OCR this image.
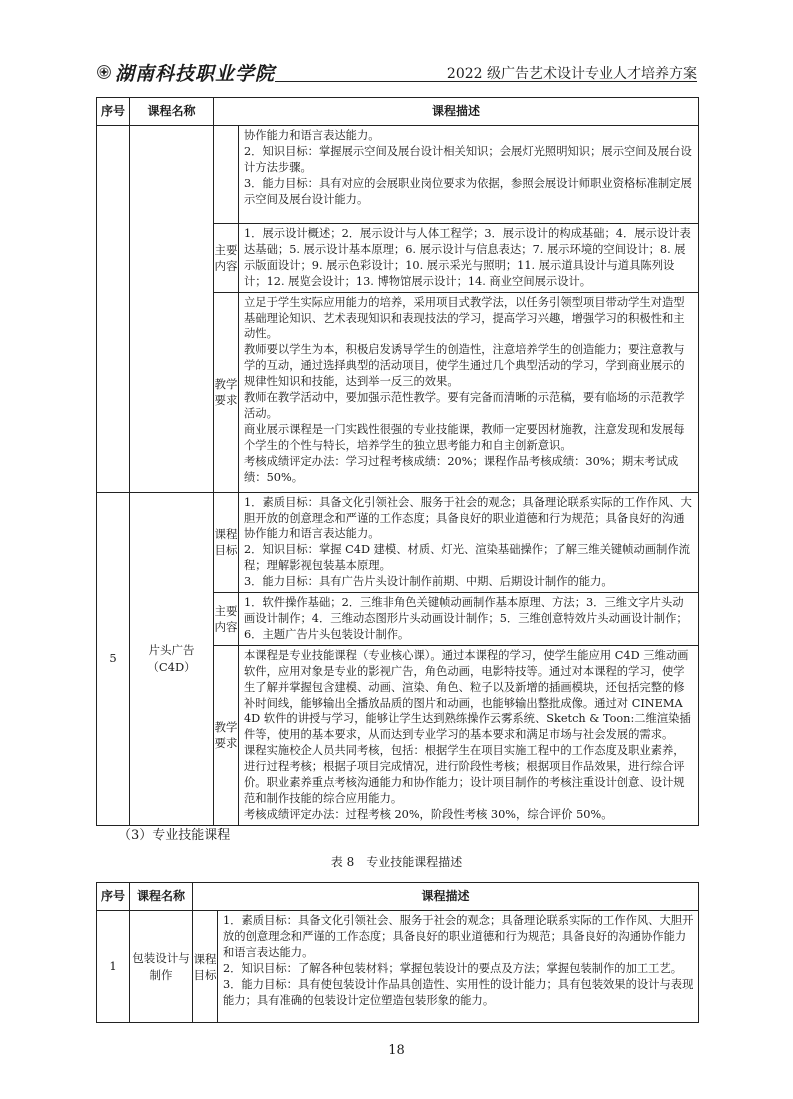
湖南科技职业学院	2022 级广告艺术设计专业人才培养方案
序号	课程名称	课程描述	

			协作能力和语言表达能力。

2．知识目标：掌握展示空间及展台设计相关知识；会展灯光照明知识；展示空间及展台设计方法步骤。

3．能力目标：具有对应的会展职业岗位要求为依据，参照会展设计师职业资格标准制定展示空间及展台设计能力。

		主要内容	1．展示设计概述；2．展示设计与人体工程学；3．展示设计的构成基础；4．展示设计表达基础；5. 展示设计基本原理；6. 展示设计与信息表达；7. 展示环境的空间设计；8. 展示版面设计；9. 展示色彩设计；10. 展示采光与照明；11. 展示道具设计与道具陈列设计；12. 展览会设计；13. 博物馆展示设计；14. 商业空间展示设计。

		教学要求	立足于学生实际应用能力的培养，采用项目式教学法，以任务引领型项目带动学生对造型基础理论知识、艺术表现知识和表现技法的学习，提高学习兴趣，增强学习的积极性和主动性。

教师要以学生为本，积极启发诱导学生的创造性，注意培养学生的创造能力；要注意教与学的互动，通过选择典型的活动项目，使学生通过几个典型活动的学习，学到商业展示的规律性知识和技能，达到举一反三的效果。

教师在教学活动中，要加强示范性教学。要有完备而清晰的示范稿，要有临场的示范教学活动。

商业展示课程是一门实践性很强的专业技能课，教师一定要因材施教，注意发现和发展每个学生的个性与特长，培养学生的独立思考能力和自主创新意识。

考核成绩评定办法：学习过程考核成绩：20%；课程作品考核成绩：30%；期末考试成绩：50%。

5	片头广告（C4D）	课程目标	1．素质目标：具备文化引领社会、服务于社会的观念；具备理论联系实际的工作作风、大胆开放的创意理念和严谨的工作态度；具备良好的职业道德和行为规范；具备良好的沟通协作能力和语言表达能力。

2．知识目标：掌握 C4D 建模、材质、灯光、渲染基础操作；了解三维关键帧动画制作流程；理解影视包装基本原理。

3．能力目标：具有广告片头设计制作前期、中期、后期设计制作的能力。

		主要内容	1．软件操作基础；2．三维非角色关键帧动画制作基本原理、方法；3．三维文字片头动画设计制作；4．三维动态图形片头动画设计制作；5．三维创意特效片头动画设计制作；6．主题广告片头包装设计制作。

		教学要求	本课程是专业技能课程（专业核心课）。通过本课程的学习，使学生能应用 C4D 三维动画软件，应用对象是专业的影视广告，角色动画，电影特技等。通过对本课程的学习，使学生了解并掌握包含建模、动画、渲染、角色、粒子以及新增的插画模块，还包括完整的修补时间线，能够输出全播放品质的图片和动画，也能够输出整批成像。通过对 CINEMA 4D 软件的讲授与学习，能够让学生达到熟练操作云雾系统、Sketch & Toon:二维渲染插件等，使用的基本要求，从而达到专业学习的基本要求和满足市场与社会发展的需求。

课程实施校企人员共同考核，包括：根据学生在项目实施工程中的工作态度及职业素养，进行过程考核；根据子项目完成情况，进行阶段性考核；根据项目作品效果，进行综合评价。职业素养重点考核沟通能力和协作能力；设计项目制作的考核注重设计创意、设计规范和制作技能的综合应用能力。

考核成绩评定办法：过程考核 20%，阶段性考核 30%，综合评价 50%。

（3）专业技能课程
表 8　专业技能课程描述
序号	课程名称	课程描述	
1	包装设计与制作	课程目标	1．素质目标：具备文化引领社会、服务于社会的观念；具备理论联系实际的工作作风、大胆开放的创意理念和严谨的工作态度；具备良好的职业道德和行为规范；具备良好的沟通协作能力和语言表达能力。

2．知识目标：了解各种包装材料；掌握包装设计的要点及方法；掌握包装制作的加工工艺。

3．能力目标：具有使包装设计作品具创造性、实用性的设计能力；具有包装效果的设计与表现能力；具有准确的包装设计定位塑造包装形象的能力。

18
